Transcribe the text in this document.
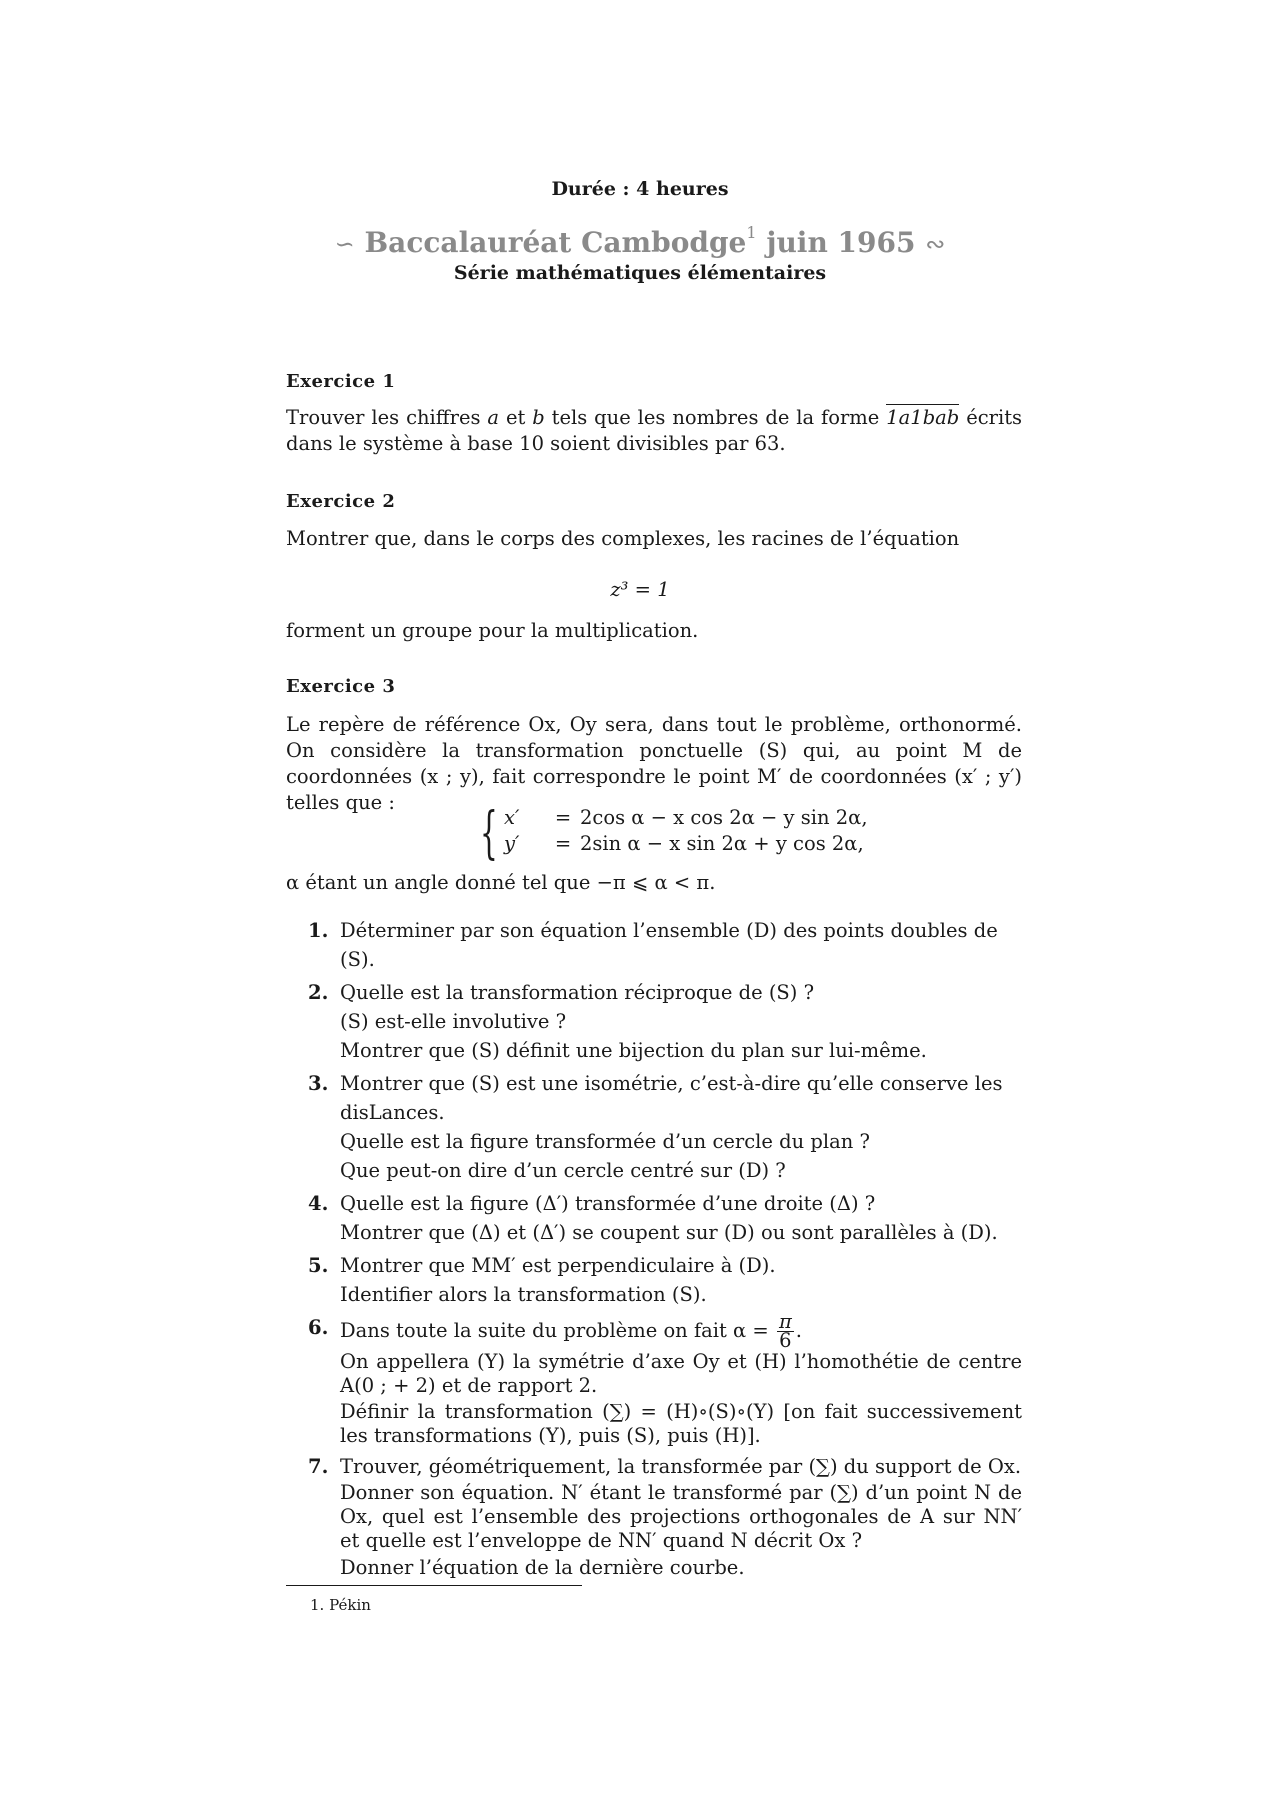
Durée : 4 heures
∽ Baccalauréat Cambodge$^1$ juin 1965 ∾
Série mathématiques élémentaires
Exercice 1
Trouver les chiffres a et b tels que les nombres de la forme 1a1bab écrits dans le système à base 10 soient divisibles par 63.
Exercice 2
Montrer que, dans le corps des complexes, les racines de l’équation
z³ = 1
forment un groupe pour la multiplication.
Exercice 3
Le repère de référence Ox, Oy sera, dans tout le problème, orthonormé. On considère la transformation ponctuelle (S) qui, au point M de coordonnées (x ; y), fait correspondre le point M′ de coordonnées (x′ ; y′) telles que :	{ x′ = 2cos α − x cos 2α − y sin 2α,
y′ = 2sin α − x sin 2α + y cos 2α,
α étant un angle donné tel que −π ⩽ α < π.
1. Déterminer par son équation l’ensemble (D) des points doubles de (S).
2. Quelle est la transformation réciproque de (S) ?
(S) est-elle involutive ?
Montrer que (S) définit une bijection du plan sur lui-même.
3. Montrer que (S) est une isométrie, c’est-à-dire qu’elle conserve les disLances.
Quelle est la figure transformée d’un cercle du plan ?
Que peut-on dire d’un cercle centré sur (D) ?
4. Quelle est la figure (Δ′) transformée d’une droite (Δ) ?
Montrer que (Δ) et (Δ′) se coupent sur (D) ou sont parallèles à (D).
5. Montrer que MM′ est perpendiculaire à (D).
Identifier alors la transformation (S).
6. Dans toute la suite du problème on fait $\alpha = \frac{\pi}{6}$ .
On appellera (Y) la symétrie d’axe Oy et (H) l’homothétie de centre A(0 ; + 2) et de rapport 2.
Définir la transformation (∑) = (H)∘(S)∘(Y) [on fait successivement les transformations (Y), puis (S), puis (H)].
7. Trouver, géométriquement, la transformée par (∑) du support de Ox.
Donner son équation. N′ étant le transformé par (∑) d’un point N de Ox, quel est l’ensemble des projections orthogonales de A sur NN′ et quelle est l’enveloppe de NN′ quand N décrit Ox ?
Donner l’équation de la dernière courbe.
1. Pékin
